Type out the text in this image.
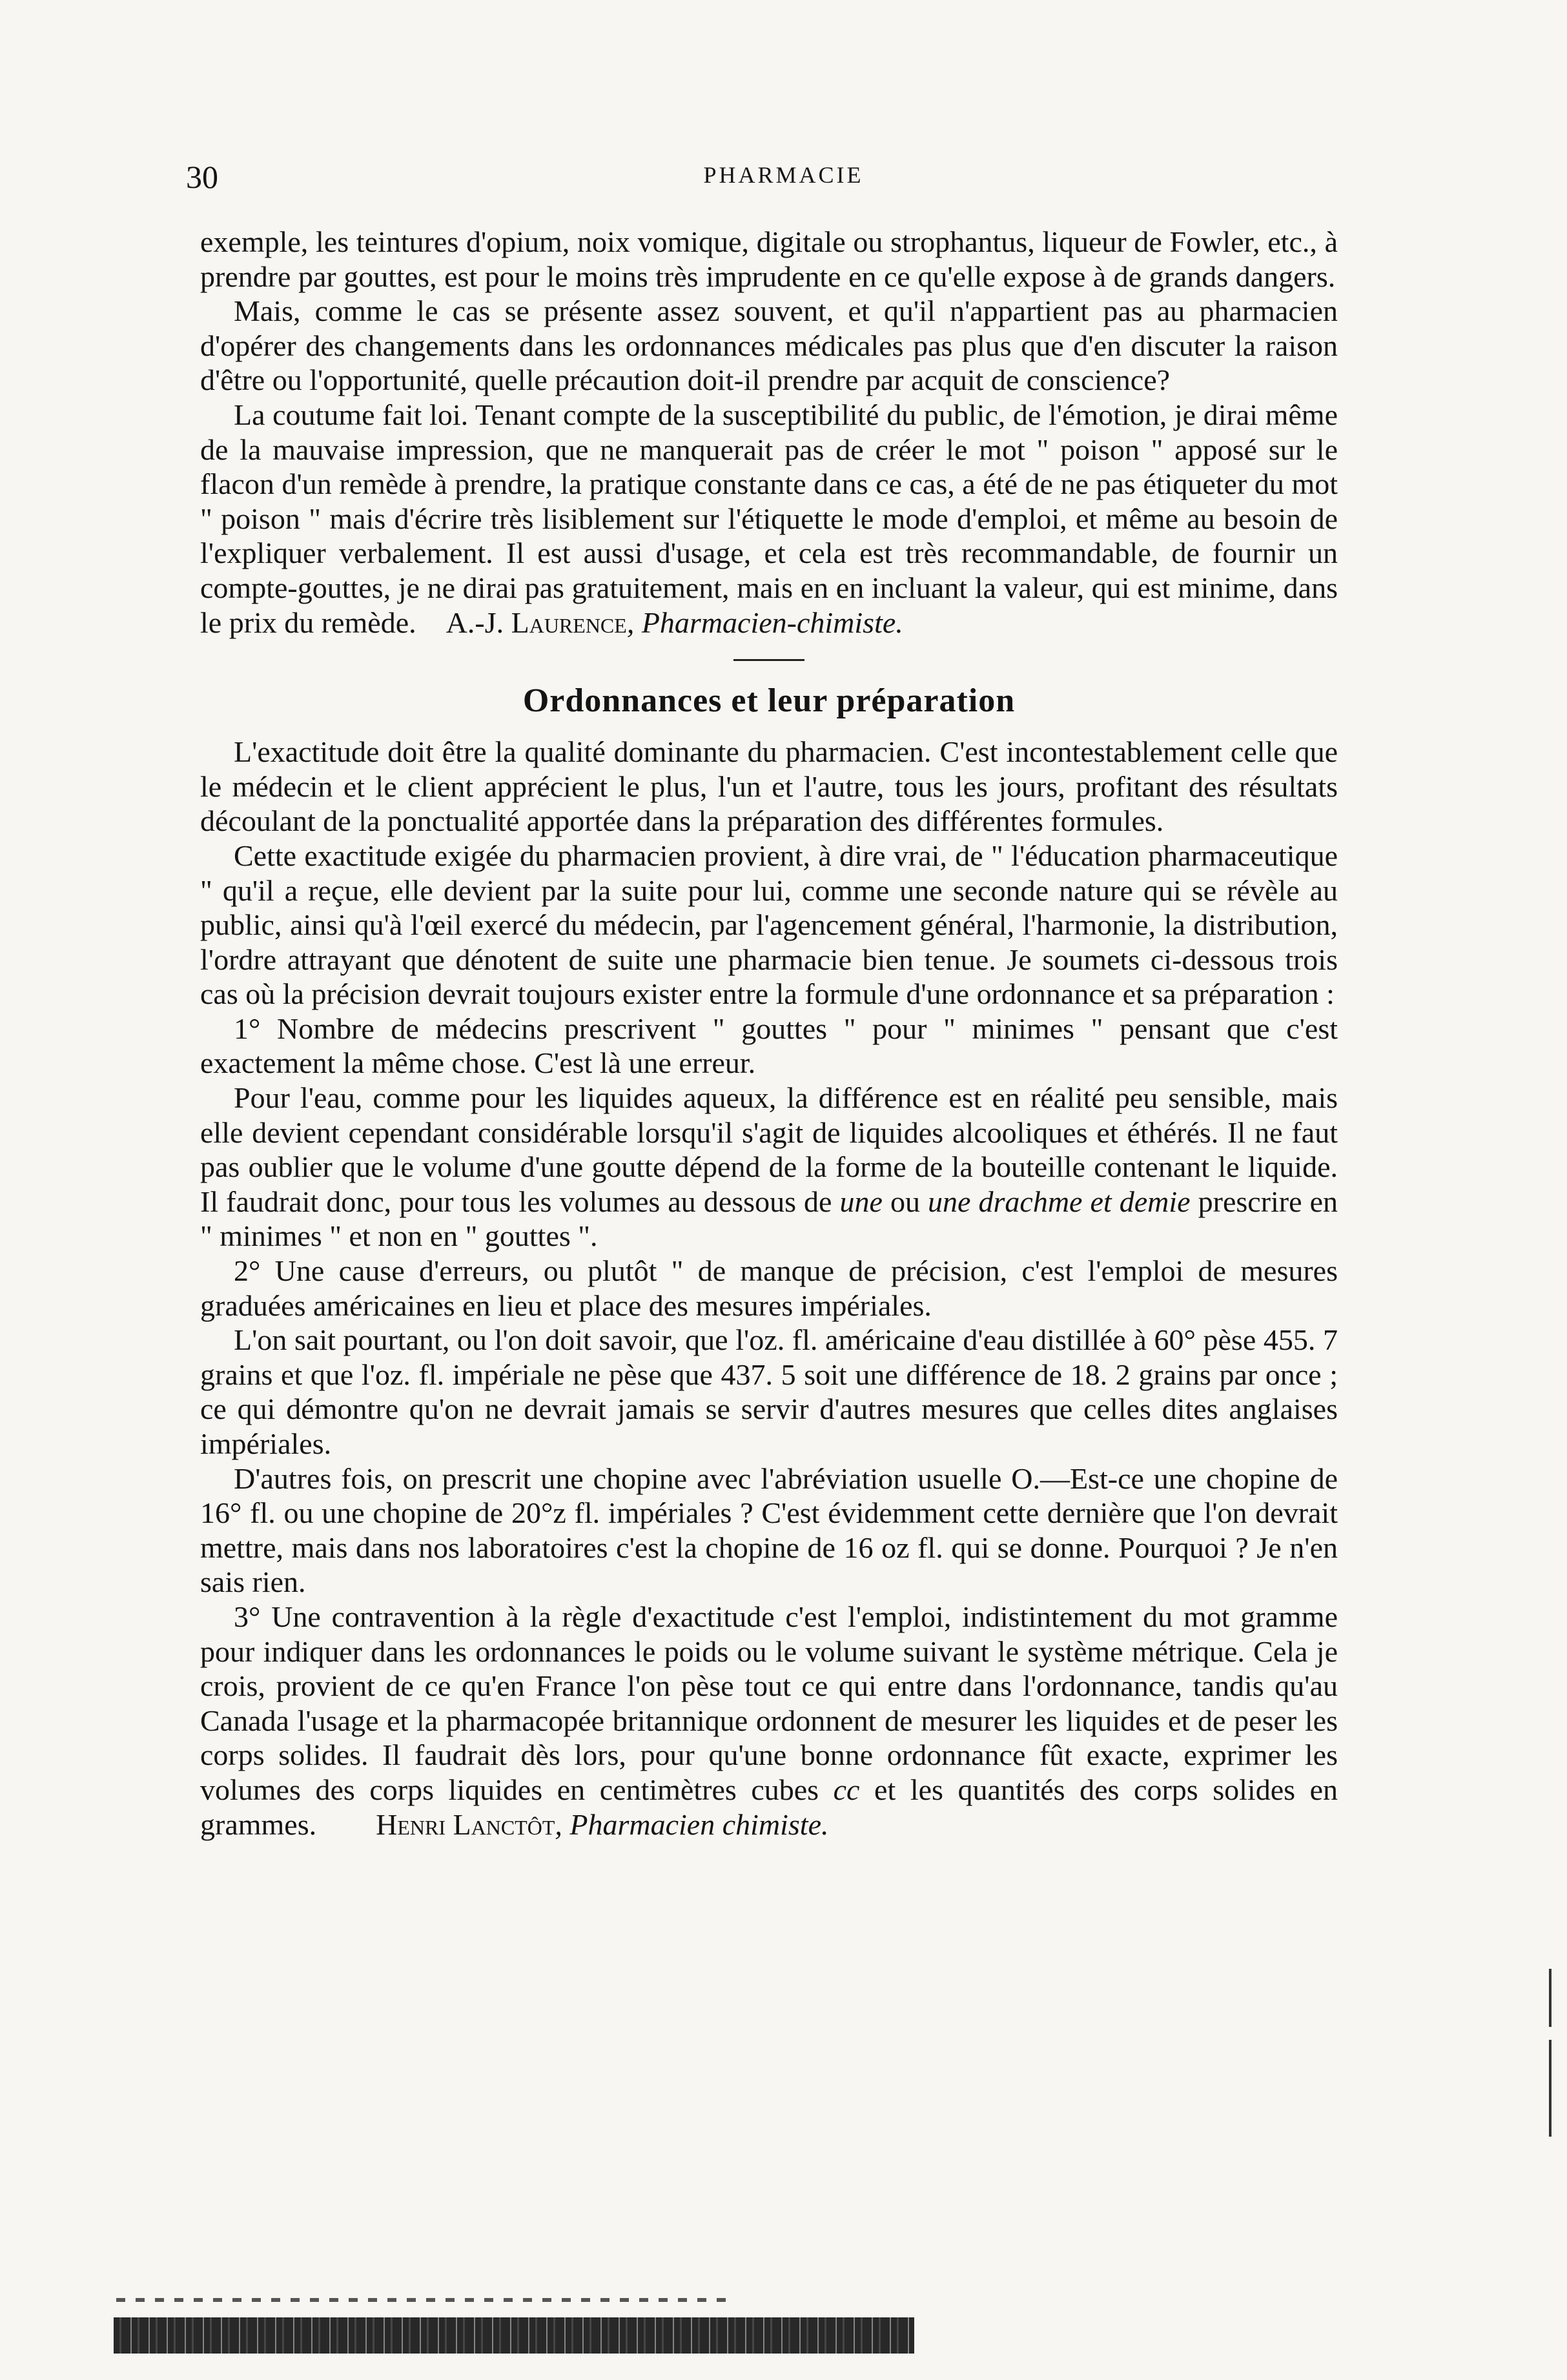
30	PHARMACIE

exemple, les teintures d'opium, noix vomique, digitale ou strophantus, liqueur de Fowler, etc., à prendre par gouttes, est pour le moins très imprudente en ce qu'elle expose à de grands dangers.

Mais, comme le cas se présente assez souvent, et qu'il n'appartient pas au pharmacien d'opérer des changements dans les ordonnances médicales pas plus que d'en discuter la raison d'être ou l'opportunité, quelle précaution doit-il prendre par acquit de conscience?

La coutume fait loi. Tenant compte de la susceptibilité du public, de l'émotion, je dirai même de la mauvaise impression, que ne manquerait pas de créer le mot " poison " apposé sur le flacon d'un remède à prendre, la pratique constante dans ce cas, a été de ne pas étiqueter du mot " poison " mais d'écrire très lisiblement sur l'étiquette le mode d'emploi, et même au besoin de l'expliquer verbalement. Il est aussi d'usage, et cela est très recommandable, de fournir un compte-gouttes, je ne dirai pas gratuitement, mais en en incluant la valeur, qui est minime, dans le prix du remède. A.-J. Laurence, Pharmacien-chimiste.

Ordonnances et leur préparation

L'exactitude doit être la qualité dominante du pharmacien. C'est incontestablement celle que le médecin et le client apprécient le plus, l'un et l'autre, tous les jours, profitant des résultats découlant de la ponctualité apportée dans la préparation des différentes formules.

Cette exactitude exigée du pharmacien provient, à dire vrai, de " l'éducation pharmaceutique " qu'il a reçue, elle devient par la suite pour lui, comme une seconde nature qui se révèle au public, ainsi qu'à l'œil exercé du médecin, par l'agencement général, l'harmonie, la distribution, l'ordre attrayant que dénotent de suite une pharmacie bien tenue. Je soumets ci-dessous trois cas où la précision devrait toujours exister entre la formule d'une ordonnance et sa préparation :

1° Nombre de médecins prescrivent " gouttes " pour " minimes " pensant que c'est exactement la même chose. C'est là une erreur.

Pour l'eau, comme pour les liquides aqueux, la différence est en réalité peu sensible, mais elle devient cependant considérable lorsqu'il s'agit de liquides alcooliques et éthérés. Il ne faut pas oublier que le volume d'une goutte dépend de la forme de la bouteille contenant le liquide. Il faudrait donc, pour tous les volumes au dessous de une ou une drachme et demie prescrire en " minimes " et non en " gouttes ".

2° Une cause d'erreurs, ou plutôt " de manque de précision, c'est l'emploi de mesures graduées américaines en lieu et place des mesures impériales.

L'on sait pourtant, ou l'on doit savoir, que l'oz. fl. américaine d'eau distillée à 60° pèse 455. 7 grains et que l'oz. fl. impériale ne pèse que 437. 5 soit une différence de 18. 2 grains par once ; ce qui démontre qu'on ne devrait jamais se servir d'autres mesures que celles dites anglaises impériales.

D'autres fois, on prescrit une chopine avec l'abréviation usuelle O.—Est-ce une chopine de 16° fl. ou une chopine de 20°z fl. impériales ? C'est évidemment cette dernière que l'on devrait mettre, mais dans nos laboratoires c'est la chopine de 16 oz fl. qui se donne. Pourquoi ? Je n'en sais rien.

3° Une contravention à la règle d'exactitude c'est l'emploi, indistintement du mot gramme pour indiquer dans les ordonnances le poids ou le volume suivant le système métrique. Cela je crois, provient de ce qu'en France l'on pèse tout ce qui entre dans l'ordonnance, tandis qu'au Canada l'usage et la pharmacopée britannique ordonnent de mesurer les liquides et de peser les corps solides. Il faudrait dès lors, pour qu'une bonne ordonnance fût exacte, exprimer les volumes des corps liquides en centimètres cubes cc et les quantités des corps solides en grammes. Henri Lanctôt, Pharmacien chimiste.
